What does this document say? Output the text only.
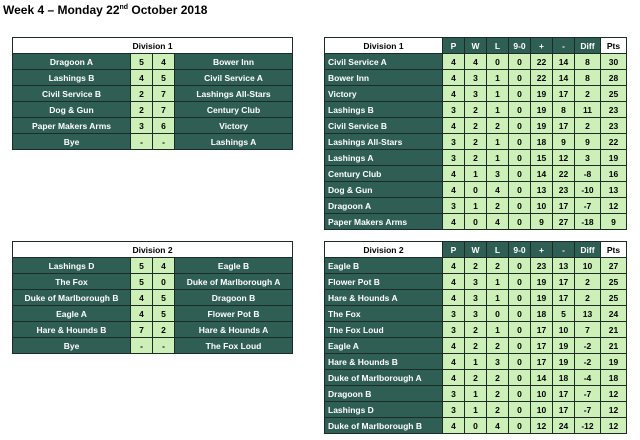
Week 4 – Monday 22nd October 2018
Division 1			
Dragoon A	5	4	Bower Inn
Lashings B	4	5	Civil Service A
Civil Service B	2	7	Lashings All-Stars
Dog & Gun	2	7	Century Club
Paper Makers Arms	3	6	Victory
Bye	-	-	Lashings A
Division 2			
Lashings D	5	4	Eagle B
The Fox	5	0	Duke of Marlborough A
Duke of Marlborough B	4	5	Dragoon B
Eagle A	4	5	Flower Pot B
Hare & Hounds B	7	2	Hare & Hounds A
Bye	-	-	The Fox Loud
Division 1	P	W	L	9-0	+	-	Diff	Pts
Civil Service A	4	4	0	0	22	14	8	30
Bower Inn	4	3	1	0	22	14	8	28
Victory	4	3	1	0	19	17	2	25
Lashings B	3	2	1	0	19	8	11	23
Civil Service B	4	2	2	0	19	17	2	23
Lashings All-Stars	3	2	1	0	18	9	9	22
Lashings A	3	2	1	0	15	12	3	19
Century Club	4	1	3	0	14	22	-8	16
Dog & Gun	4	0	4	0	13	23	-10	13
Dragoon A	3	1	2	0	10	17	-7	12
Paper Makers Arms	4	0	4	0	9	27	-18	9
Division 2	P	W	L	9-0	+	-	Diff	Pts
Eagle B	4	2	2	0	23	13	10	27
Flower Pot B	4	3	1	0	19	17	2	25
Hare & Hounds A	4	3	1	0	19	17	2	25
The Fox	3	3	0	0	18	5	13	24
The Fox Loud	3	2	1	0	17	10	7	21
Eagle A	4	2	2	0	17	19	-2	21
Hare & Hounds B	4	1	3	0	17	19	-2	19
Duke of Marlborough A	4	2	2	0	14	18	-4	18
Dragoon B	3	1	2	0	10	17	-7	12
Lashings D	3	1	2	0	10	17	-7	12
Duke of Marlborough B	4	0	4	0	12	24	-12	12
